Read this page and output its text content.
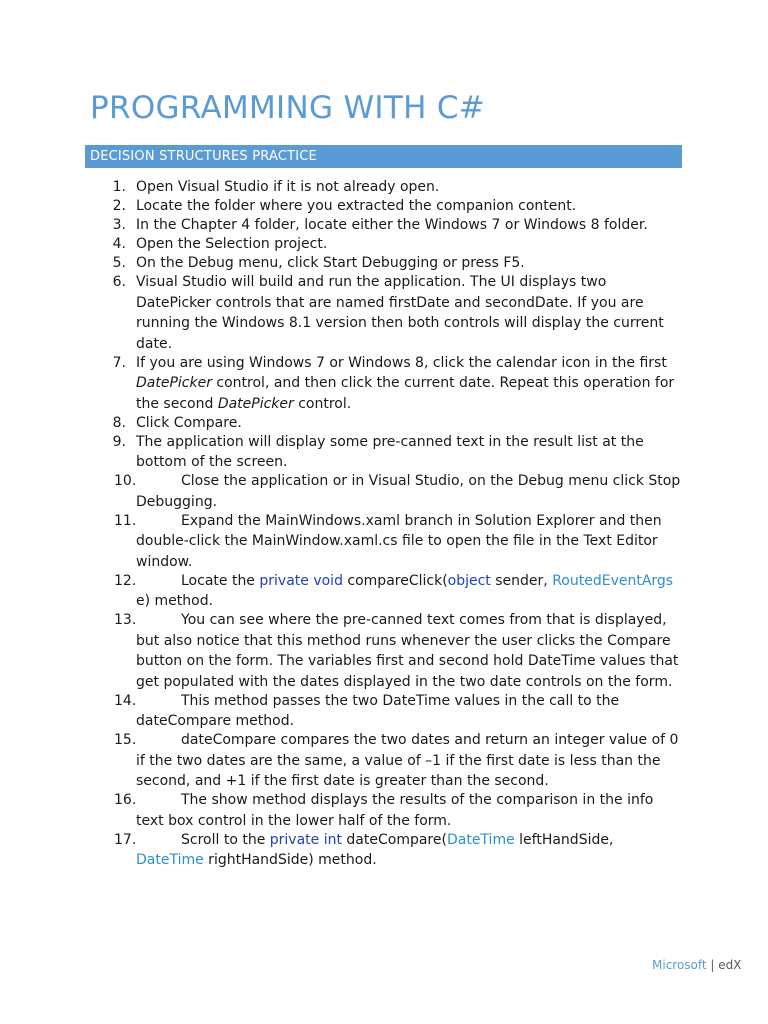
PROGRAMMING WITH C#
DECISION STRUCTURES PRACTICE
1. Open Visual Studio if it is not already open.
2. Locate the folder where you extracted the companion content.
3. In the Chapter 4 folder, locate either the Windows 7 or Windows 8 folder.
4. Open the Selection project.
5. On the Debug menu, click Start Debugging or press F5.
6. Visual Studio will build and run the application. The UI displays two DatePicker controls that are named firstDate and secondDate. If you are running the Windows 8.1 version then both controls will display the current date.
7. If you are using Windows 7 or Windows 8, click the calendar icon in the first DatePicker control, and then click the current date. Repeat this operation for the second DatePicker control.
8. Click Compare.
9. The application will display some pre-canned text in the result list at the bottom of the screen.
10.	Close the application or in Visual Studio, on the Debug menu click Stop Debugging.
11.	Expand the MainWindows.xaml branch in Solution Explorer and then double-click the MainWindow.xaml.cs file to open the file in the Text Editor window.
12.	Locate the private void compareClick(object sender, RoutedEventArgs e) method.
13.	You can see where the pre-canned text comes from that is displayed, but also notice that this method runs whenever the user clicks the Compare button on the form. The variables first and second hold DateTime values that get populated with the dates displayed in the two date controls on the form.
14.	This method passes the two DateTime values in the call to the dateCompare method.
15.	dateCompare compares the two dates and return an integer value of 0 if the two dates are the same, a value of –1 if the first date is less than the second, and +1 if the first date is greater than the second.
16.	The show method displays the results of the comparison in the info text box control in the lower half of the form.
17.	Scroll to the private int dateCompare(DateTime leftHandSide, DateTime rightHandSide) method.
Microsoft | edX
